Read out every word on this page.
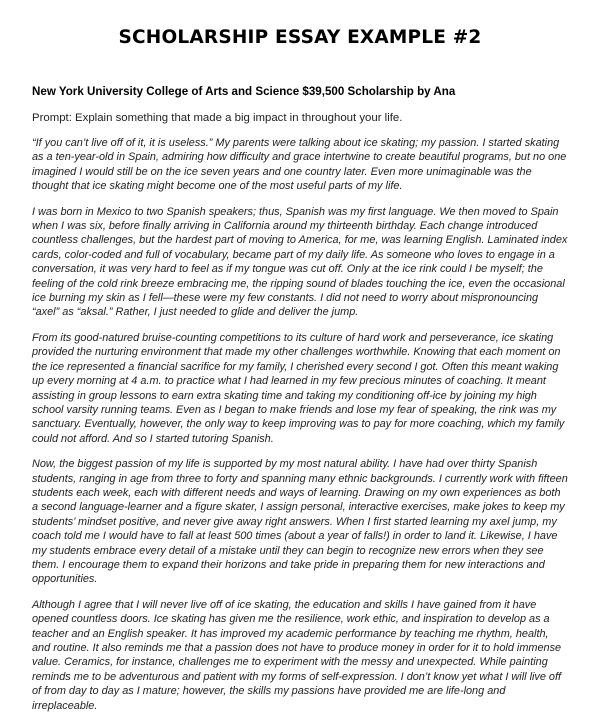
SCHOLARSHIP ESSAY EXAMPLE #2
New York University College of Arts and Science $39,500 Scholarship by Ana
Prompt: Explain something that made a big impact in throughout your life.

“If you can’t live off of it, it is useless.” My parents were talking about ice skating; my passion. I started skating as a ten-year-old in Spain, admiring how difficulty and grace intertwine to create beautiful programs, but no one imagined I would still be on the ice seven years and one country later. Even more unimaginable was the thought that ice skating might become one of the most useful parts of my life.

I was born in Mexico to two Spanish speakers; thus, Spanish was my first language. We then moved to Spain when I was six, before finally arriving in California around my thirteenth birthday. Each change introduced countless challenges, but the hardest part of moving to America, for me, was learning English. Laminated index cards, color-coded and full of vocabulary, became part of my daily life. As someone who loves to engage in a conversation, it was very hard to feel as if my tongue was cut off. Only at the ice rink could I be myself; the feeling of the cold rink breeze embracing me, the ripping sound of blades touching the ice, even the occasional ice burning my skin as I fell—these were my few constants. I did not need to worry about mispronouncing “axel” as “aksal.” Rather, I just needed to glide and deliver the jump.

From its good-natured bruise-counting competitions to its culture of hard work and perseverance, ice skating provided the nurturing environment that made my other challenges worthwhile. Knowing that each moment on the ice represented a financial sacrifice for my family, I cherished every second I got. Often this meant waking up every morning at 4 a.m. to practice what I had learned in my few precious minutes of coaching. It meant assisting in group lessons to earn extra skating time and taking my conditioning off-ice by joining my high school varsity running teams. Even as I began to make friends and lose my fear of speaking, the rink was my sanctuary. Eventually, however, the only way to keep improving was to pay for more coaching, which my family could not afford. And so I started tutoring Spanish.

Now, the biggest passion of my life is supported by my most natural ability. I have had over thirty Spanish students, ranging in age from three to forty and spanning many ethnic backgrounds. I currently work with fifteen students each week, each with different needs and ways of learning. Drawing on my own experiences as both a second language-learner and a figure skater, I assign personal, interactive exercises, make jokes to keep my students’ mindset positive, and never give away right answers. When I first started learning my axel jump, my coach told me I would have to fall at least 500 times (about a year of falls!) in order to land it. Likewise, I have my students embrace every detail of a mistake until they can begin to recognize new errors when they see them. I encourage them to expand their horizons and take pride in preparing them for new interactions and opportunities.

Although I agree that I will never live off of ice skating, the education and skills I have gained from it have opened countless doors. Ice skating has given me the resilience, work ethic, and inspiration to develop as a teacher and an English speaker. It has improved my academic performance by teaching me rhythm, health, and routine. It also reminds me that a passion does not have to produce money in order for it to hold immense value. Ceramics, for instance, challenges me to experiment with the messy and unexpected. While painting reminds me to be adventurous and patient with my forms of self-expression. I don’t know yet what I will live off of from day to day as I mature; however, the skills my passions have provided me are life-long and irreplaceable.
